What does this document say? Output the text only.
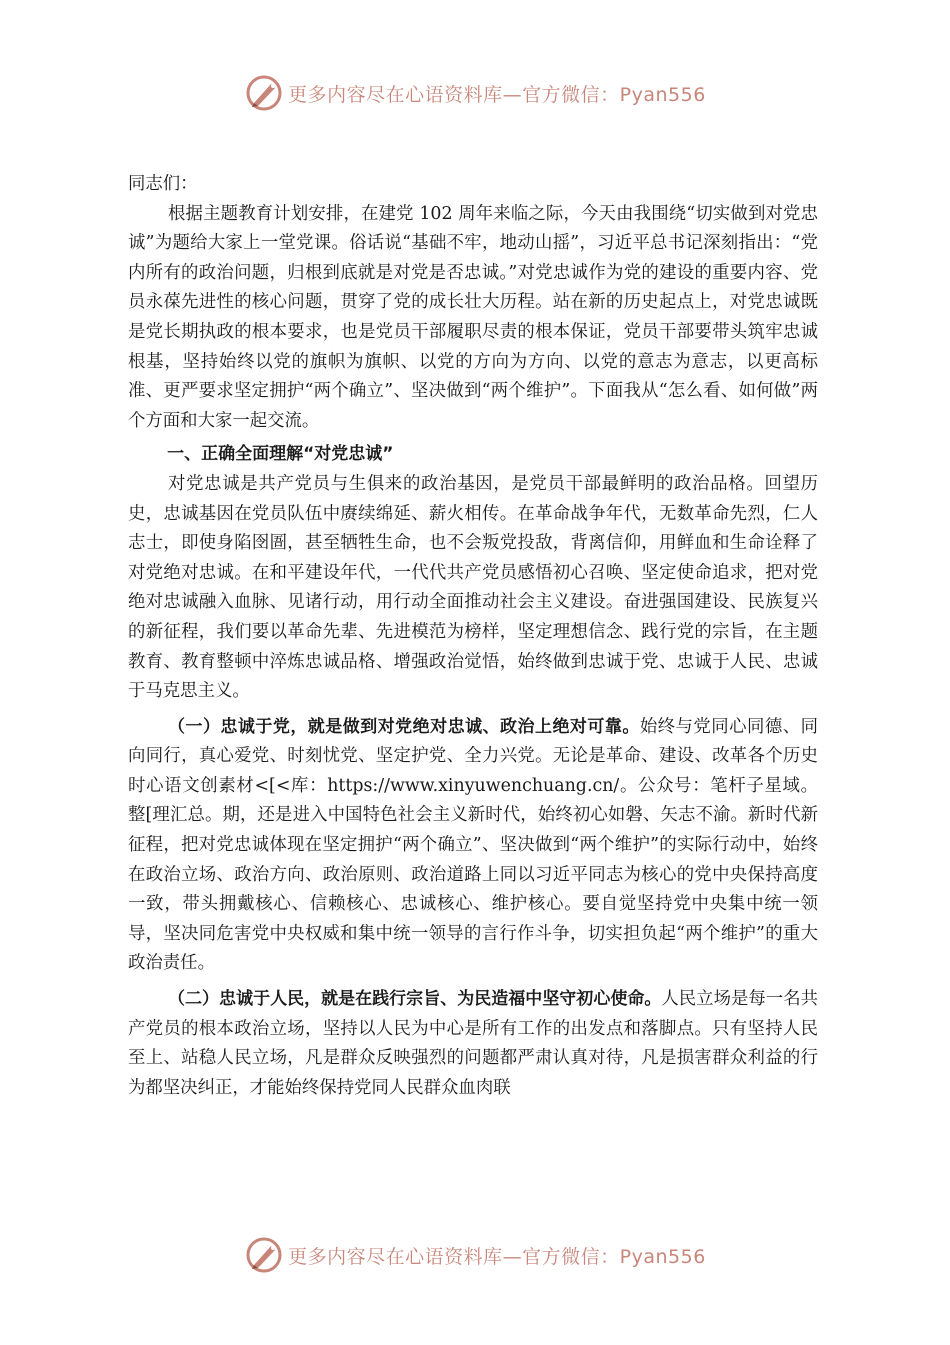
更多内容尽在心语资料库—官方微信：Pyan556

同志们：

根据主题教育计划安排，在建党 102 周年来临之际，今天由我围绕“切实做到对党忠诚”为题给大家上一堂党课。俗话说“基础不牢，地动山摇”，习近平总书记深刻指出：“党内所有的政治问题，归根到底就是对党是否忠诚。”对党忠诚作为党的建设的重要内容、党员永葆先进性的核心问题，贯穿了党的成长壮大历程。站在新的历史起点上，对党忠诚既是党长期执政的根本要求，也是党员干部履职尽责的根本保证，党员干部要带头筑牢忠诚根基，坚持始终以党的旗帜为旗帜、以党的方向为方向、以党的意志为意志，以更高标准、更严要求坚定拥护“两个确立”、坚决做到“两个维护”。下面我从“怎么看、如何做”两个方面和大家一起交流。

一、正确全面理解“对党忠诚”

对党忠诚是共产党员与生俱来的政治基因，是党员干部最鲜明的政治品格。回望历史，忠诚基因在党员队伍中赓续绵延、薪火相传。在革命战争年代，无数革命先烈，仁人志士，即使身陷囹圄，甚至牺牲生命，也不会叛党投敌，背离信仰，用鲜血和生命诠释了对党绝对忠诚。在和平建设年代，一代代共产党员感悟初心召唤、坚定使命追求，把对党绝对忠诚融入血脉、见诸行动，用行动全面推动社会主义建设。奋进强国建设、民族复兴的新征程，我们要以革命先辈、先进模范为榜样，坚定理想信念、践行党的宗旨，在主题教育、教育整顿中淬炼忠诚品格、增强政治觉悟，始终做到忠诚于党、忠诚于人民、忠诚于马克思主义。

（一）忠诚于党，就是做到对党绝对忠诚、政治上绝对可靠。始终与党同心同德、同向同行，真心爱党、时刻忧党、坚定护党、全力兴党。无论是革命、建设、改革各个历史时心语文创素材<[<库：https://www.xinyuwenchuang.cn/。公众号：笔杆子星域。整[理汇总。期，还是进入中国特色社会主义新时代，始终初心如磐、矢志不渝。新时代新征程，把对党忠诚体现在坚定拥护“两个确立”、坚决做到“两个维护”的实际行动中，始终在政治立场、政治方向、政治原则、政治道路上同以习近平同志为核心的党中央保持高度一致，带头拥戴核心、信赖核心、忠诚核心、维护核心。要自觉坚持党中央集中统一领导，坚决同危害党中央权威和集中统一领导的言行作斗争，切实担负起“两个维护”的重大政治责任。

（二）忠诚于人民，就是在践行宗旨、为民造福中坚守初心使命。人民立场是每一名共产党员的根本政治立场，坚持以人民为中心是所有工作的出发点和落脚点。只有坚持人民至上、站稳人民立场，凡是群众反映强烈的问题都严肃认真对待，凡是损害群众利益的行为都坚决纠正，才能始终保持党同人民群众血肉联

更多内容尽在心语资料库—官方微信：Pyan556
